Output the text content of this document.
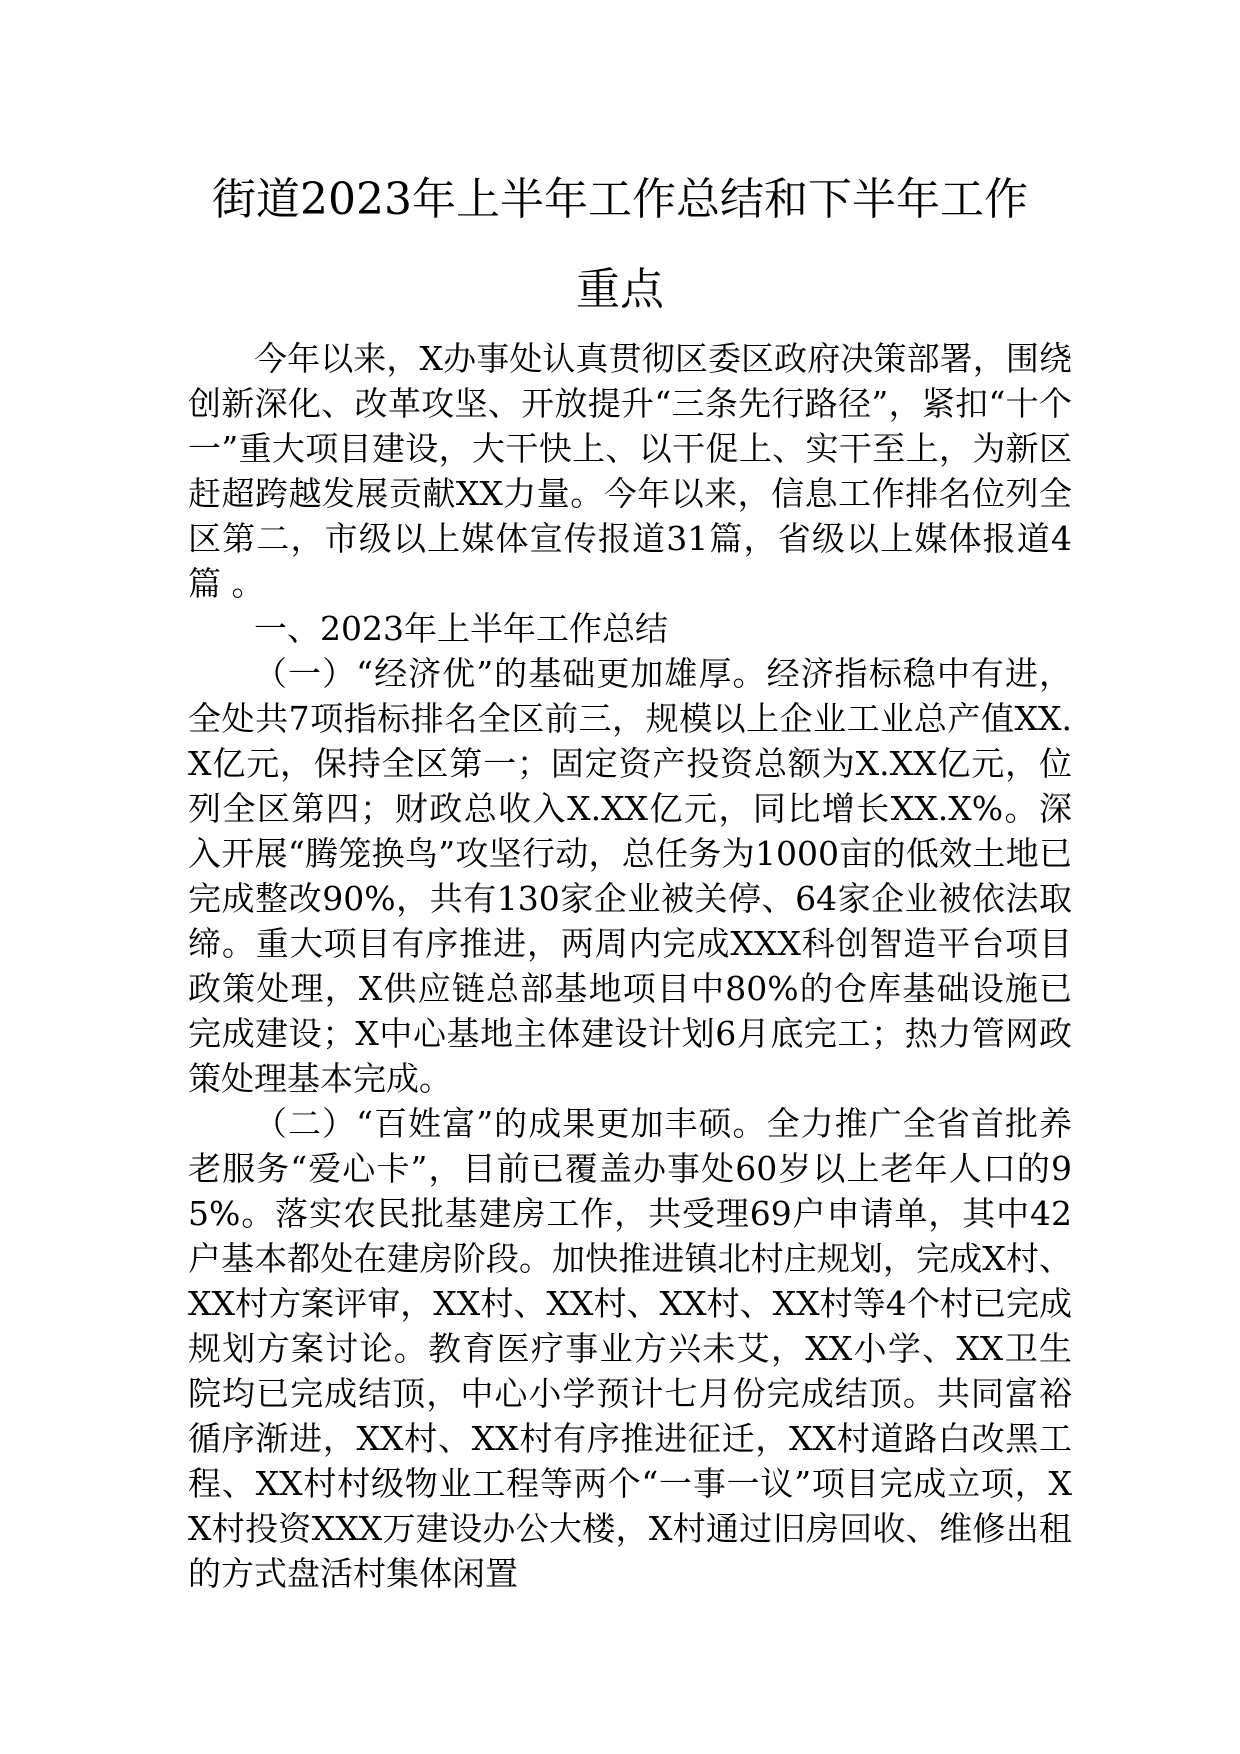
街道2023年上半年工作总结和下半年工作
重点

今年以来，X办事处认真贯彻区委区政府决策部署，围绕创新深化、改革攻坚、开放提升“三条先行路径”，紧扣“十个一”重大项目建设，大干快上、以干促上、实干至上，为新区赶超跨越发展贡献XX力量。今年以来，信息工作排名位列全区第二，市级以上媒体宣传报道31篇，省级以上媒体报道4篇 。

一、2023年上半年工作总结

（一）“经济优”的基础更加雄厚。经济指标稳中有进，全处共7项指标排名全区前三，规模以上企业工业总产值XX.X亿元，保持全区第一；固定资产投资总额为X.XX亿元，位列全区第四；财政总收入X.XX亿元，同比增长XX.X%。深入开展“腾笼换鸟”攻坚行动，总任务为1000亩的低效土地已完成整改90%，共有130家企业被关停、64家企业被依法取缔。重大项目有序推进，两周内完成XXX科创智造平台项目政策处理，X供应链总部基地项目中80%的仓库基础设施已完成建设；X中心基地主体建设计划6月底完工；热力管网政策处理基本完成。

（二）“百姓富”的成果更加丰硕。全力推广全省首批养老服务“爱心卡”，目前已覆盖办事处60岁以上老年人口的95%。落实农民批基建房工作，共受理69户申请单，其中42户基本都处在建房阶段。加快推进镇北村庄规划，完成X村、XX村方案评审，XX村、XX村、XX村、XX村等4个村已完成规划方案讨论。教育医疗事业方兴未艾，XX小学、XX卫生院均已完成结顶，中心小学预计七月份完成结顶。共同富裕循序渐进，XX村、XX村有序推进征迁，XX村道路白改黑工程、XX村村级物业工程等两个“一事一议”项目完成立项，XX村投资XXX万建设办公大楼，X村通过旧房回收、维修出租的方式盘活村集体闲置
